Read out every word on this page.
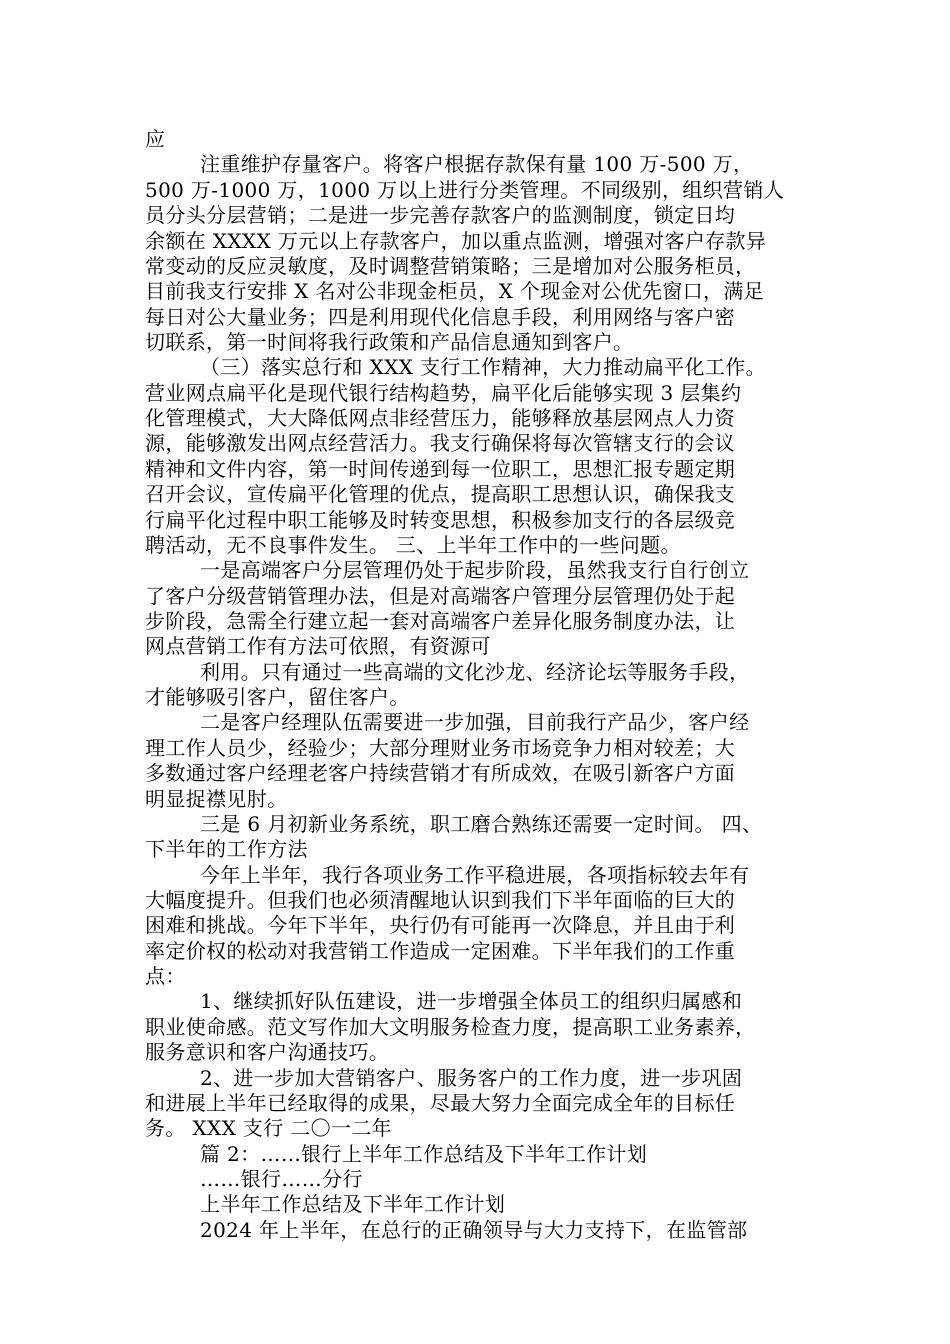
应
注重维护存量客户。将客户根据存款保有量 100 万-500 万，
500 万-1000 万，1000 万以上进行分类管理。不同级别，组织营销人
员分头分层营销；二是进一步完善存款客户的监测制度，锁定日均
余额在 XXXX 万元以上存款客户，加以重点监测，增强对客户存款异
常变动的反应灵敏度，及时调整营销策略；三是增加对公服务柜员，
目前我支行安排 X 名对公非现金柜员，X 个现金对公优先窗口，满足
每日对公大量业务；四是利用现代化信息手段，利用网络与客户密
切联系，第一时间将我行政策和产品信息通知到客户。
（三）落实总行和 XXX 支行工作精神，大力推动扁平化工作。
营业网点扁平化是现代银行结构趋势，扁平化后能够实现 3 层集约
化管理模式，大大降低网点非经营压力，能够释放基层网点人力资
源，能够激发出网点经营活力。我支行确保将每次管辖支行的会议
精神和文件内容，第一时间传递到每一位职工，思想汇报专题定期
召开会议，宣传扁平化管理的优点，提高职工思想认识，确保我支
行扁平化过程中职工能够及时转变思想，积极参加支行的各层级竞
聘活动，无不良事件发生。 三、上半年工作中的一些问题。
一是高端客户分层管理仍处于起步阶段，虽然我支行自行创立
了客户分级营销管理办法，但是对高端客户管理分层管理仍处于起
步阶段，急需全行建立起一套对高端客户差异化服务制度办法，让
网点营销工作有方法可依照，有资源可
利用。只有通过一些高端的文化沙龙、经济论坛等服务手段，
才能够吸引客户，留住客户。
二是客户经理队伍需要进一步加强，目前我行产品少，客户经
理工作人员少，经验少；大部分理财业务市场竞争力相对较差；大
多数通过客户经理老客户持续营销才有所成效，在吸引新客户方面
明显捉襟见肘。
三是 6 月初新业务系统，职工磨合熟练还需要一定时间。 四、
下半年的工作方法
今年上半年，我行各项业务工作平稳进展，各项指标较去年有
大幅度提升。但我们也必须清醒地认识到我们下半年面临的巨大的
困难和挑战。今年下半年，央行仍有可能再一次降息，并且由于利
率定价权的松动对我营销工作造成一定困难。下半年我们的工作重
点：
1、继续抓好队伍建设，进一步增强全体员工的组织归属感和
职业使命感。范文写作加大文明服务检查力度，提高职工业务素养，
服务意识和客户沟通技巧。
2、进一步加大营销客户、服务客户的工作力度，进一步巩固
和进展上半年已经取得的成果，尽最大努力全面完成全年的目标任
务。 XXX 支行 二〇一二年
篇 2：……银行上半年工作总结及下半年工作计划
……银行……分行
上半年工作总结及下半年工作计划
2024 年上半年，在总行的正确领导与大力支持下，在监管部
